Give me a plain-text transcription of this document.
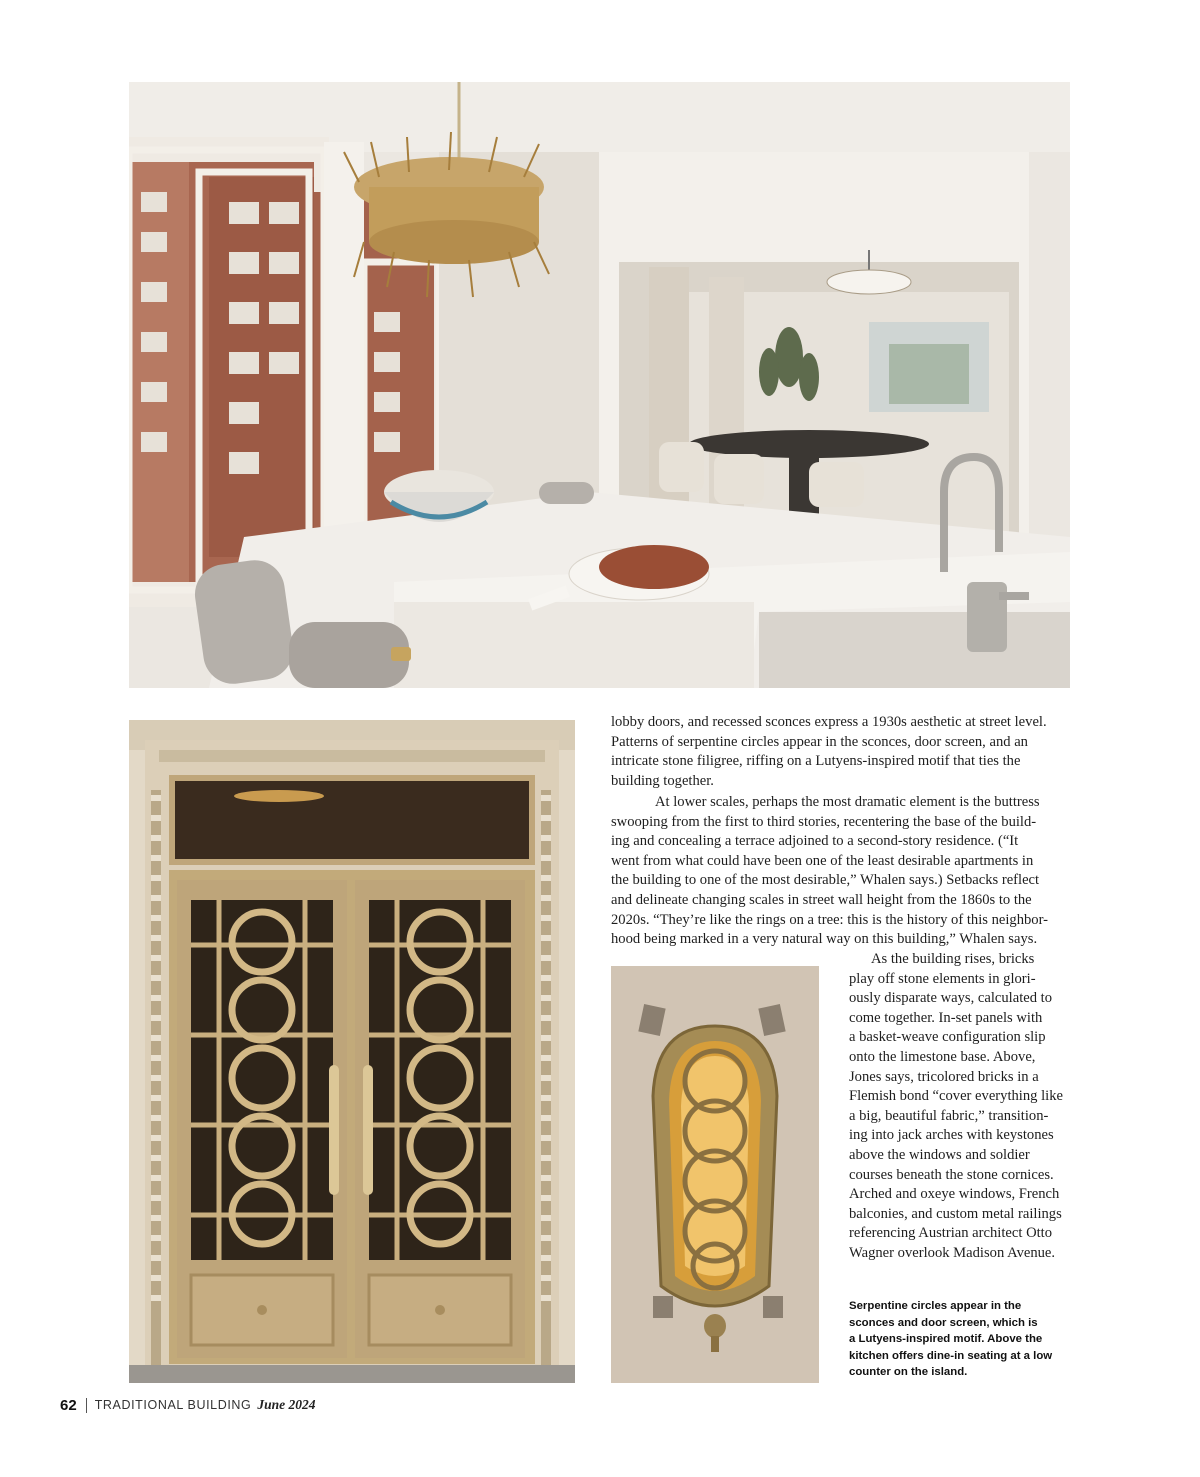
lobby doors, and recessed sconces express a 1930s aesthetic at street level.
Patterns of serpentine circles appear in the sconces, door screen, and an
intricate stone filigree, riffing on a Lutyens-inspired motif that ties the
building together.
At lower scales, perhaps the most dramatic element is the buttress
swooping from the first to third stories, recentering the base of the build-
ing and concealing a terrace adjoined to a second-story residence. (“It
went from what could have been one of the least desirable apartments in
the building to one of the most desirable,” Whalen says.) Setbacks reflect
and delineate changing scales in street wall height from the 1860s to the
2020s. “They’re like the rings on a tree: this is the history of this neighbor-
hood being marked in a very natural way on this building,” Whalen says.
As the building rises, bricks
play off stone elements in glori-
ously disparate ways, calculated to
come together. In-set panels with
a basket-weave configuration slip
onto the limestone base. Above,
Jones says, tricolored bricks in a
Flemish bond “cover everything like
a big, beautiful fabric,” transition-
ing into jack arches with keystones
above the windows and soldier
courses beneath the stone cornices.
Arched and oxeye windows, French
balconies, and custom metal railings
referencing Austrian architect Otto
Wagner overlook Madison Avenue.
Serpentine circles appear in the
sconces and door screen, which is
a Lutyens-inspired motif. Above the
kitchen offers dine-in seating at a low
counter on the island.
62 TRADITIONAL BUILDING June 2024
